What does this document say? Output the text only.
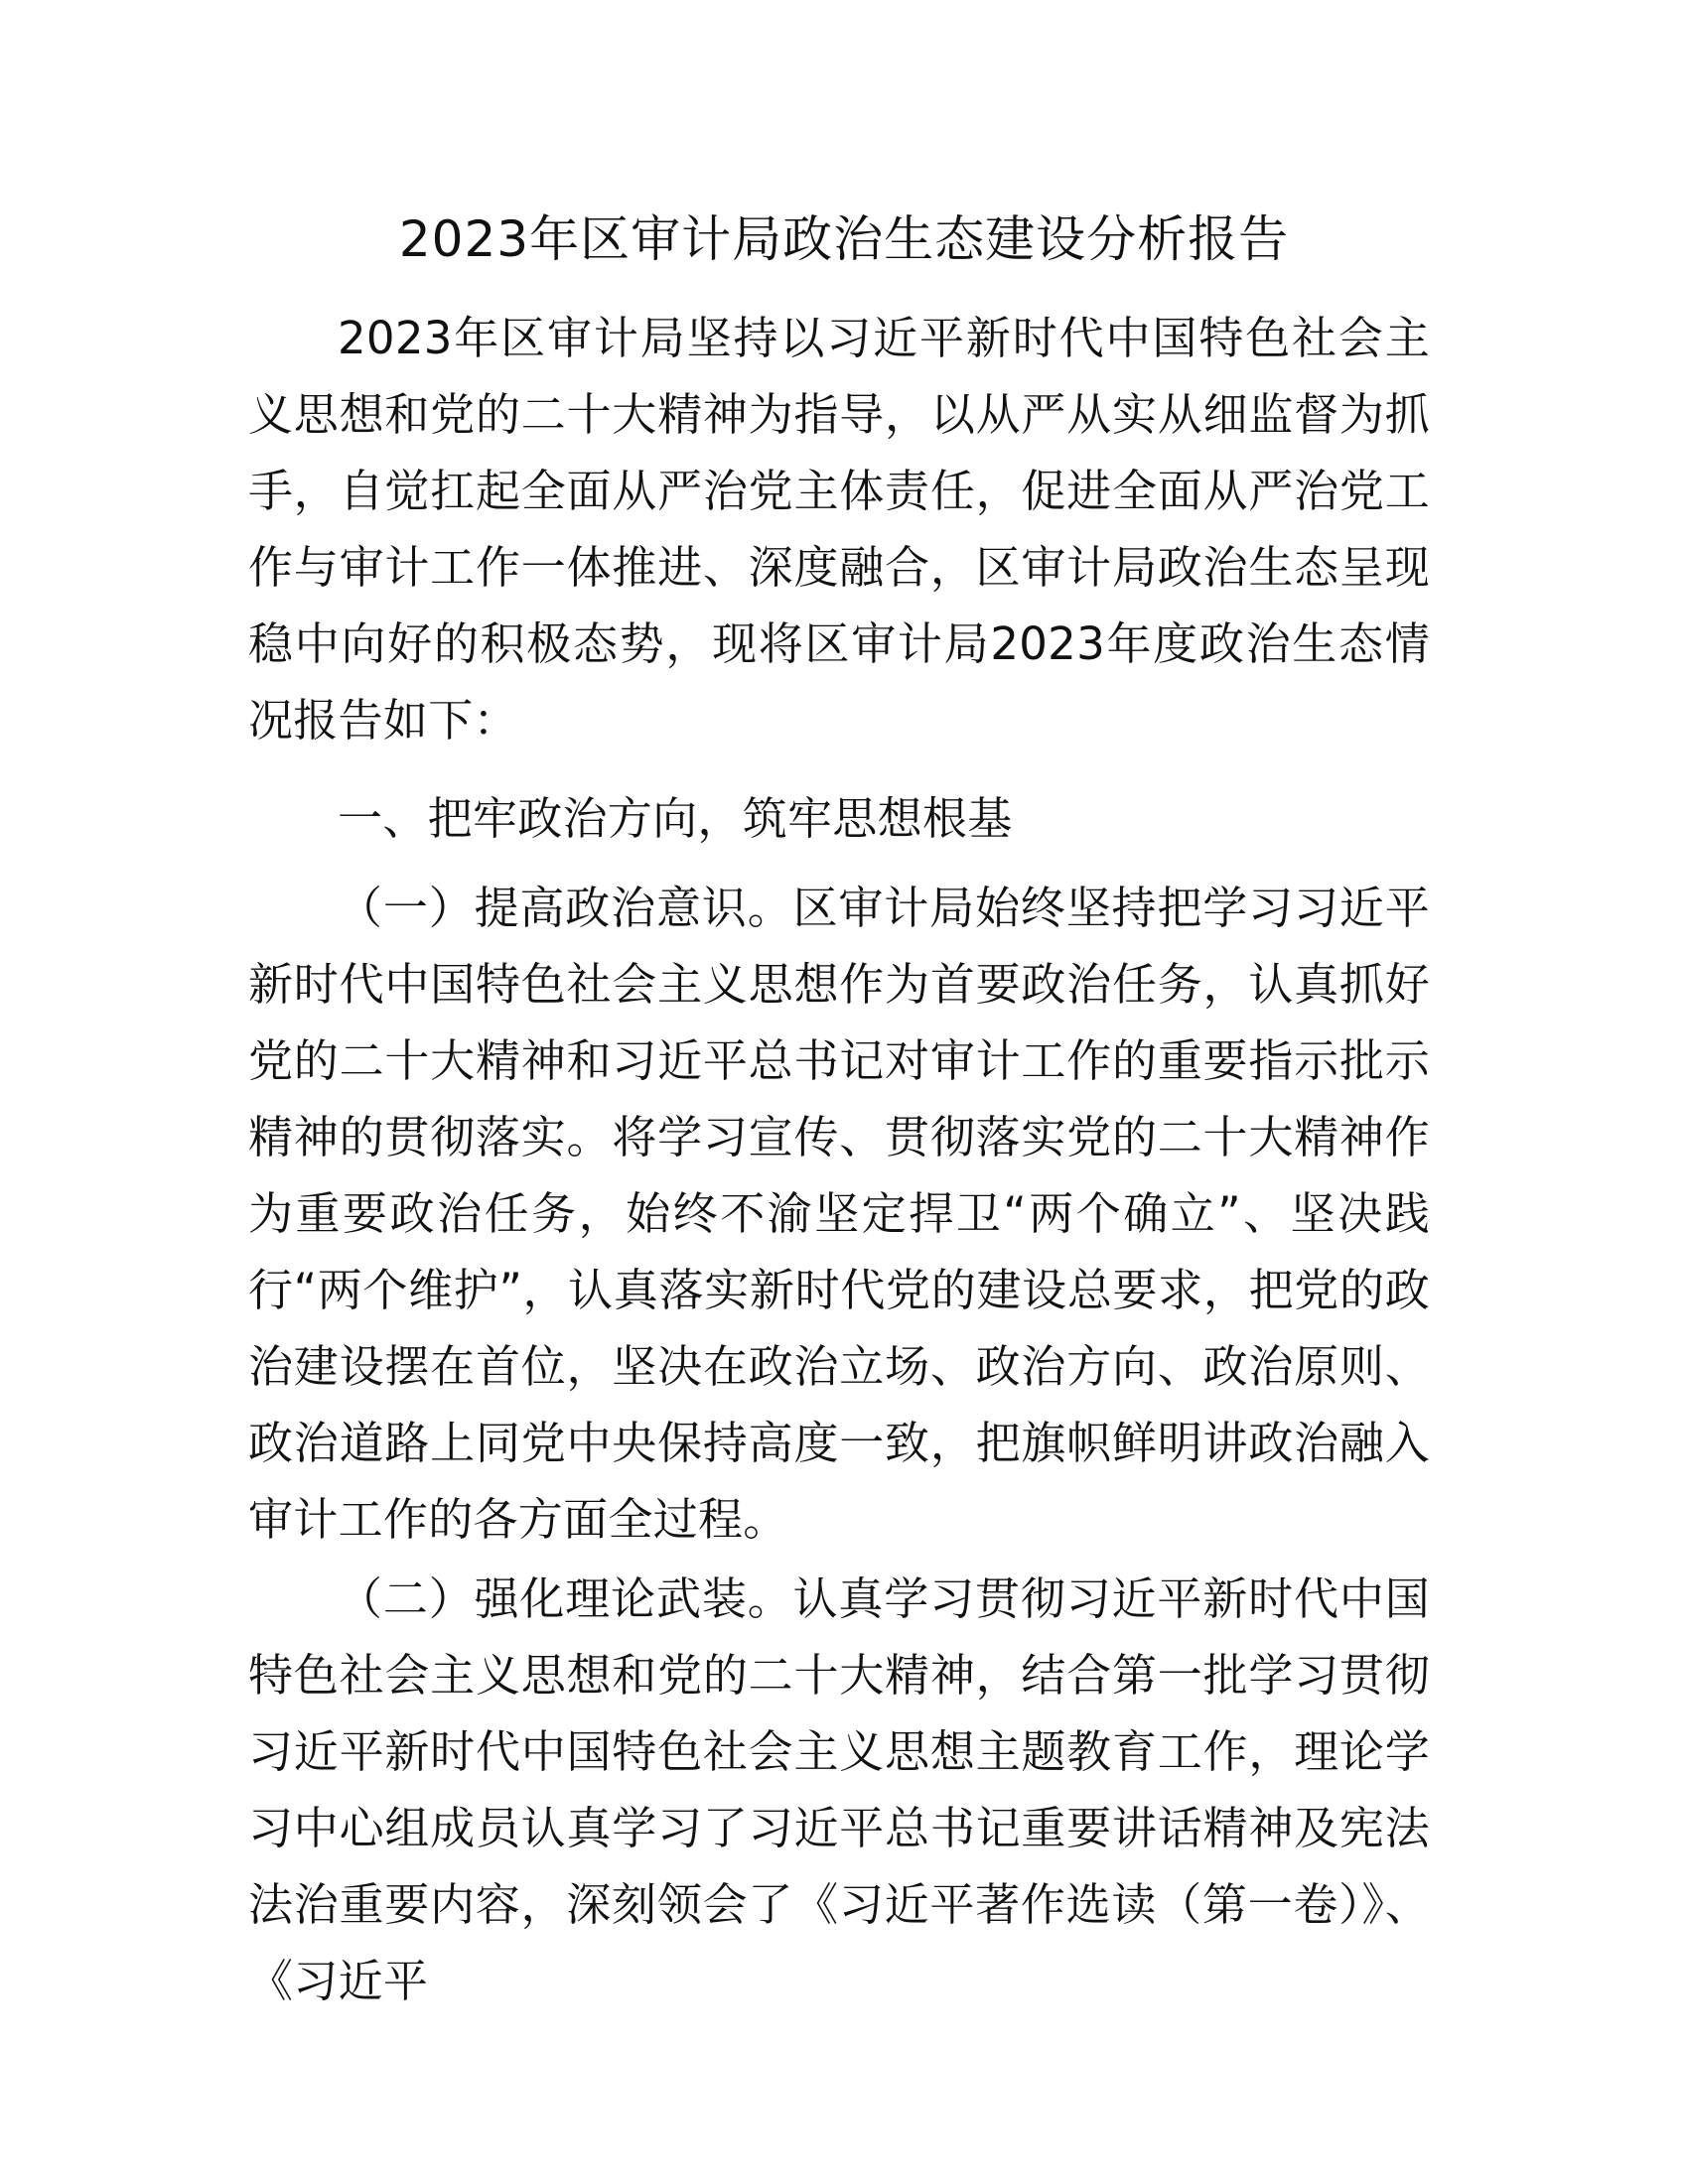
2023年区审计局政治生态建设分析报告

2023年区审计局坚持以习近平新时代中国特色社会主义思想和党的二十大精神为指导，以从严从实从细监督为抓手，自觉扛起全面从严治党主体责任，促进全面从严治党工作与审计工作一体推进、深度融合，区审计局政治生态呈现稳中向好的积极态势，现将区审计局2023年度政治生态情况报告如下：

一、把牢政治方向，筑牢思想根基

（一）提高政治意识。区审计局始终坚持把学习习近平新时代中国特色社会主义思想作为首要政治任务，认真抓好党的二十大精神和习近平总书记对审计工作的重要指示批示精神的贯彻落实。将学习宣传、贯彻落实党的二十大精神作为重要政治任务，始终不渝坚定捍卫“两个确立”、坚决践行“两个维护”，认真落实新时代党的建设总要求，把党的政治建设摆在首位，坚决在政治立场、政治方向、政治原则、政治道路上同党中央保持高度一致，把旗帜鲜明讲政治融入审计工作的各方面全过程。

（二）强化理论武装。认真学习贯彻习近平新时代中国特色社会主义思想和党的二十大精神，结合第一批学习贯彻习近平新时代中国特色社会主义思想主题教育工作，理论学习中心组成员认真学习了习近平总书记重要讲话精神及宪法法治重要内容，深刻领会了《习近平著作选读（第一卷）》、《习近平
